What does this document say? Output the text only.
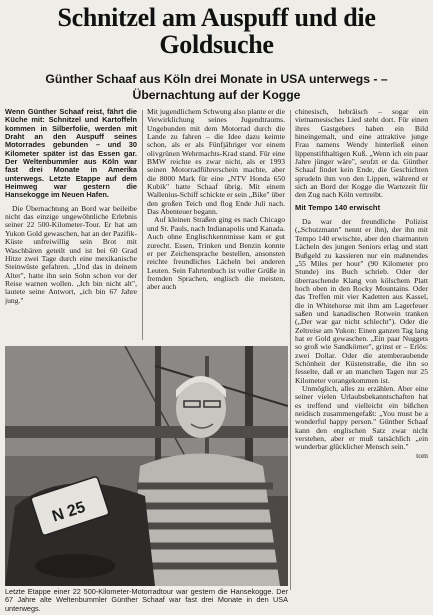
Schnitzel am Auspuff und die Goldsuche
Günther Schaaf aus Köln drei Monate in USA unterwegs - – Übernachtung auf der Kogge
Wenn Günther Schaaf reist, fährt die Küche mit: Schnitzel und Kartoffeln kommen in Silberfolie, werden mit Draht an den Auspuff seines Motorrades gebunden – und 30 Kilometer später ist das Essen gar. Der Weltenbummler aus Köln war fast drei Monate in Amerika unterwegs. Letzte Etappe auf dem Heimweg war gestern die Hansekogge im Neuen Hafen.

Die Übernachtung an Bord war beileibe nicht das einzige ungewöhnliche Erlebnis seiner 22 500-Kilometer-Tour. Er hat am Yukon Gold gewaschen, hat an der Pazifik-Küste unfreiwillig sein Brot mit Waschbären geteilt und ist bei 60 Grad Hitze zwei Tage durch eine mexikanische Steinwüste gefahren. „Und das in deinem Alter", hatte ihn sein Sohn schon vor der Reise warnen wollen. „Ich bin nicht alt", lautete seine Antwort, „ich bin 67 Jahre jung."

Mit jugendlichem Schwung also plante er die Verwirklichung seines Jugendtraums. Ungebunden mit dem Motorrad durch die Lande zu fahren – die Idee dazu keimte schon, als er als Fünfjähriger vor einem olivgrünen Wehrmachts-Krad stand. Für eine BMW reichte es zwar nicht, als er 1993 seinen Motorradführerschein machte, aber die 8000 Mark für eine „NTV Honda 650 Kubik" hatte Schaaf übrig. Mit einem Wallenius-Schiff schickte er sein „Bike" über den großen Teich und flog Ende Juli nach. Das Abenteuer begann.

Auf kleinen Straßen ging es nach Chicago und St. Pauls, nach Indianapolis und Kanada. Auch ohne Englischkenntnisse kam er gut zurecht. Essen, Trinken und Benzin konnte er per Zeichensprache bestellen, ansonsten reichte freundliches Lächeln bei anderen Leuten. Sein Fahrtenbuch ist voller Grüße in fremden Sprachen, englisch die meisten, aber auch

chinesisch, hebräisch – sogar ein vietnamesisches Lied steht dort. Für einen ihres Gastgebers haben ein Bild hineingemalt, und eine attraktive junge Frau namens Wendy hinterließ einen lippenstifthaltigen Kuß. „Wenn ich ein paar Jahre jünger wäre", seufzt er da. Günther Schaaf findet kein Ende, die Geschichten sprudeln ihm von den Lippen, während er sich an Bord der Kogge die Wartezeit für den Zug nach Köln vertreibt.

Mit Tempo 140 erwischt

Da war der freundliche Polizist („Schutzmann" nennt er ihn), der ihn mit Tempo 140 erwischte, aber den charmanten Lächeln des jungen Seniors erlag und statt Bußgeld zu kassieren nur ein mahnendes „55 Miles per hour" (90 Kilometer pro Stunde) ins Buch schrieb. Oder der überraschende Klang von kölschem Platt hoch oben in den Rocky Mountains. Oder das Treffen mit vier Kadetten aus Kassel, die in Whitehorse mit ihm am Lagerfeuer saßen und kanadischen Rotwein tranken („Der war gar nicht schlecht"). Oder die Zeltreise am Yukon: Einen ganzen Tag lang hat er Gold gewaschen. „Ein paar Nuggets so groß wie Sandkörner", grinst er – Erlös: zwei Dollar. Oder die atemberaubende Schönheit der Küstenstraße, die ihn so fesselte, daß er an manchen Tagen nur 25 Kilometer vorangekommen ist.

Unmöglich, alles zu erzählen. Aber eine seiner vielen Urlaubsbekanntschaften hat es treffend und vielleicht ein bißchen neidisch zusammengefaßt: „You must be a wonderful happy person." Günther Schaaf kann den englischen Satz zwar nicht verstehen, aber er muß tatsächlich „ein wunderbar glücklicher Mensch sein."

tom
N 25
Letzte Etappe einer 22 500-Kilometer-Motorradtour war gestern die Hansekogge. Der 67 Jahre alte Weltenbummler Günther Schaaf war fast drei Monate in den USA unterwegs.
